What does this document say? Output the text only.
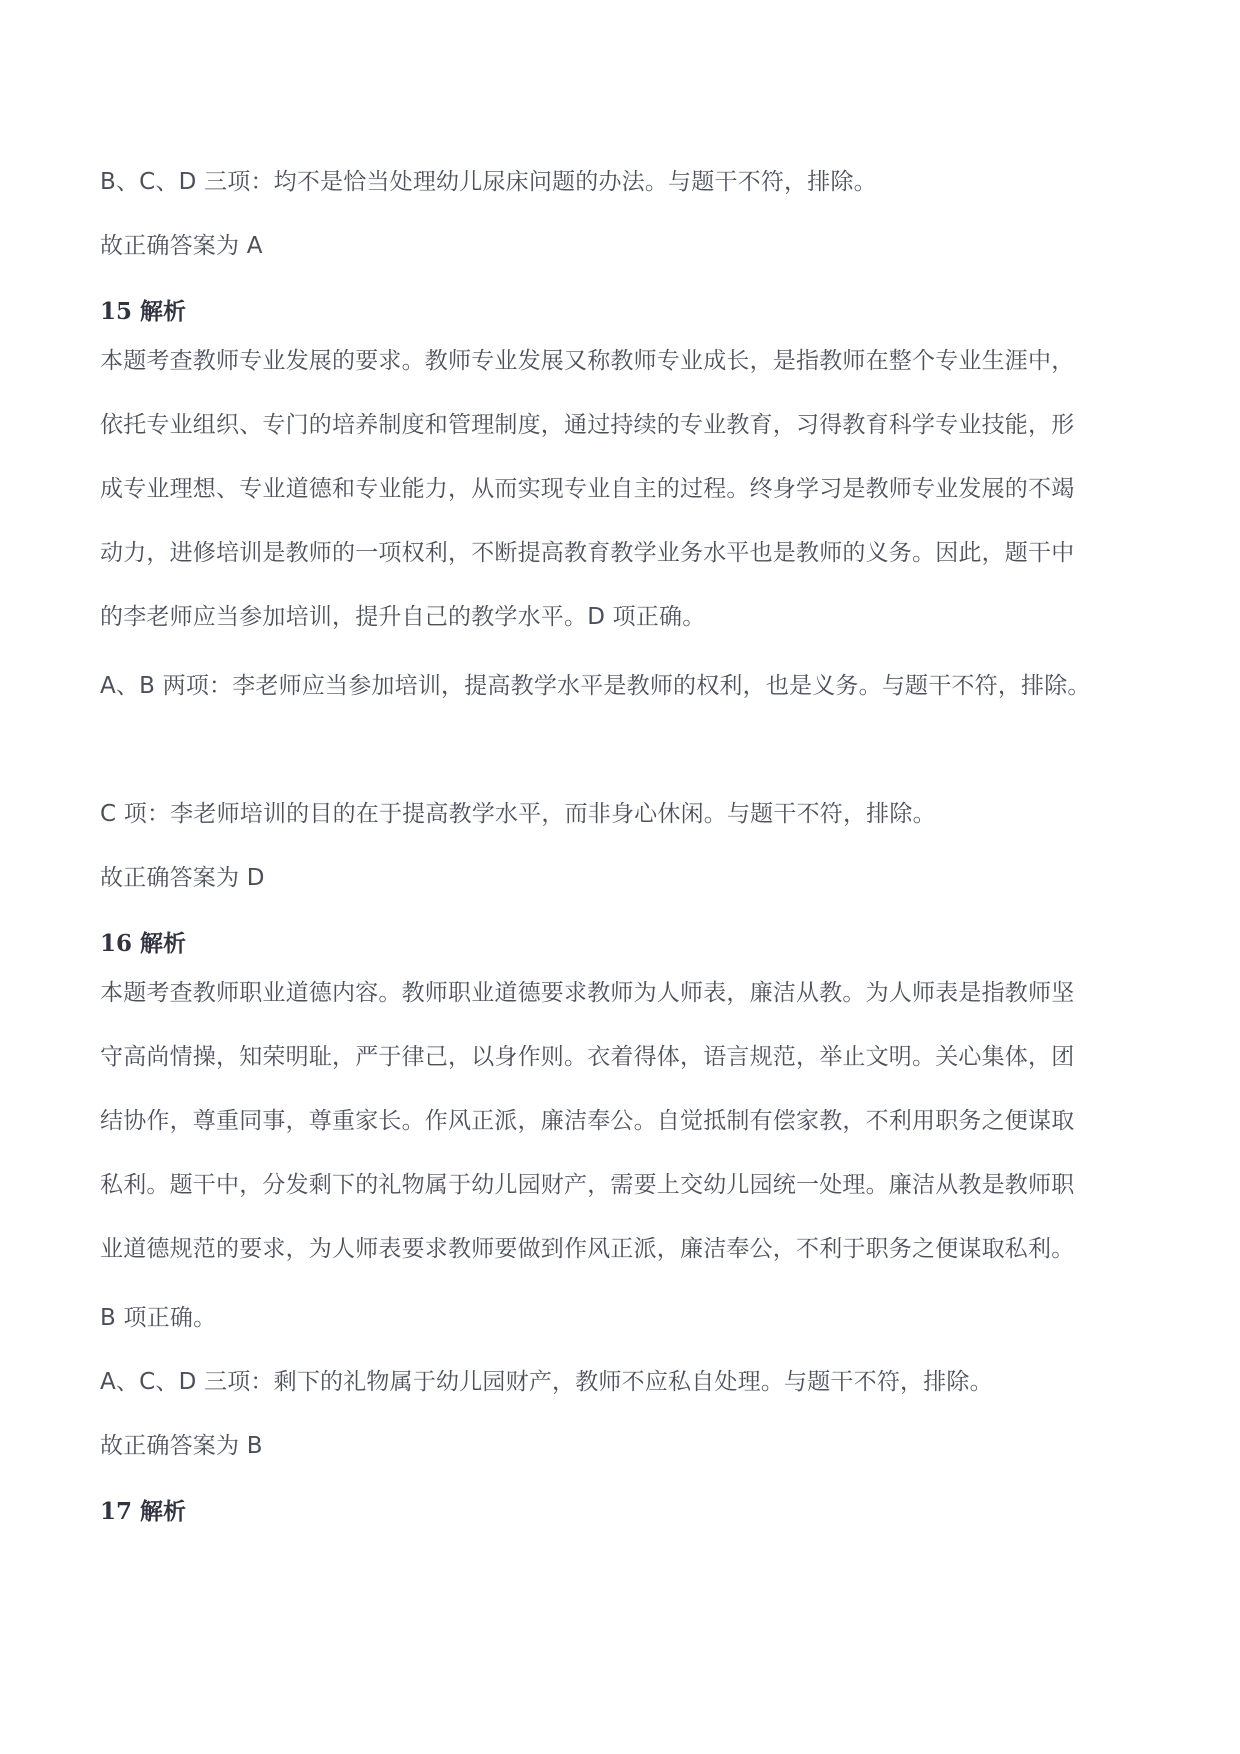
B、C、D 三项：均不是恰当处理幼儿尿床问题的办法。与题干不符，排除。
故正确答案为 A
15 解析
本题考查教师专业发展的要求。教师专业发展又称教师专业成长，是指教师在整个专业生涯中，
依托专业组织、专门的培养制度和管理制度，通过持续的专业教育，习得教育科学专业技能，形
成专业理想、专业道德和专业能力，从而实现专业自主的过程。终身学习是教师专业发展的不竭
动力，进修培训是教师的一项权利，不断提高教育教学业务水平也是教师的义务。因此，题干中
的李老师应当参加培训，提升自己的教学水平。D 项正确。
A、B 两项：李老师应当参加培训，提高教学水平是教师的权利，也是义务。与题干不符，排除。
C 项：李老师培训的目的在于提高教学水平，而非身心休闲。与题干不符，排除。
故正确答案为 D
16 解析
本题考查教师职业道德内容。教师职业道德要求教师为人师表，廉洁从教。为人师表是指教师坚
守高尚情操，知荣明耻，严于律己，以身作则。衣着得体，语言规范，举止文明。关心集体，团
结协作，尊重同事，尊重家长。作风正派，廉洁奉公。自觉抵制有偿家教，不利用职务之便谋取
私利。题干中，分发剩下的礼物属于幼儿园财产，需要上交幼儿园统一处理。廉洁从教是教师职
业道德规范的要求，为人师表要求教师要做到作风正派，廉洁奉公，不利于职务之便谋取私利。
B 项正确。
A、C、D 三项：剩下的礼物属于幼儿园财产，教师不应私自处理。与题干不符，排除。
故正确答案为 B
17 解析
